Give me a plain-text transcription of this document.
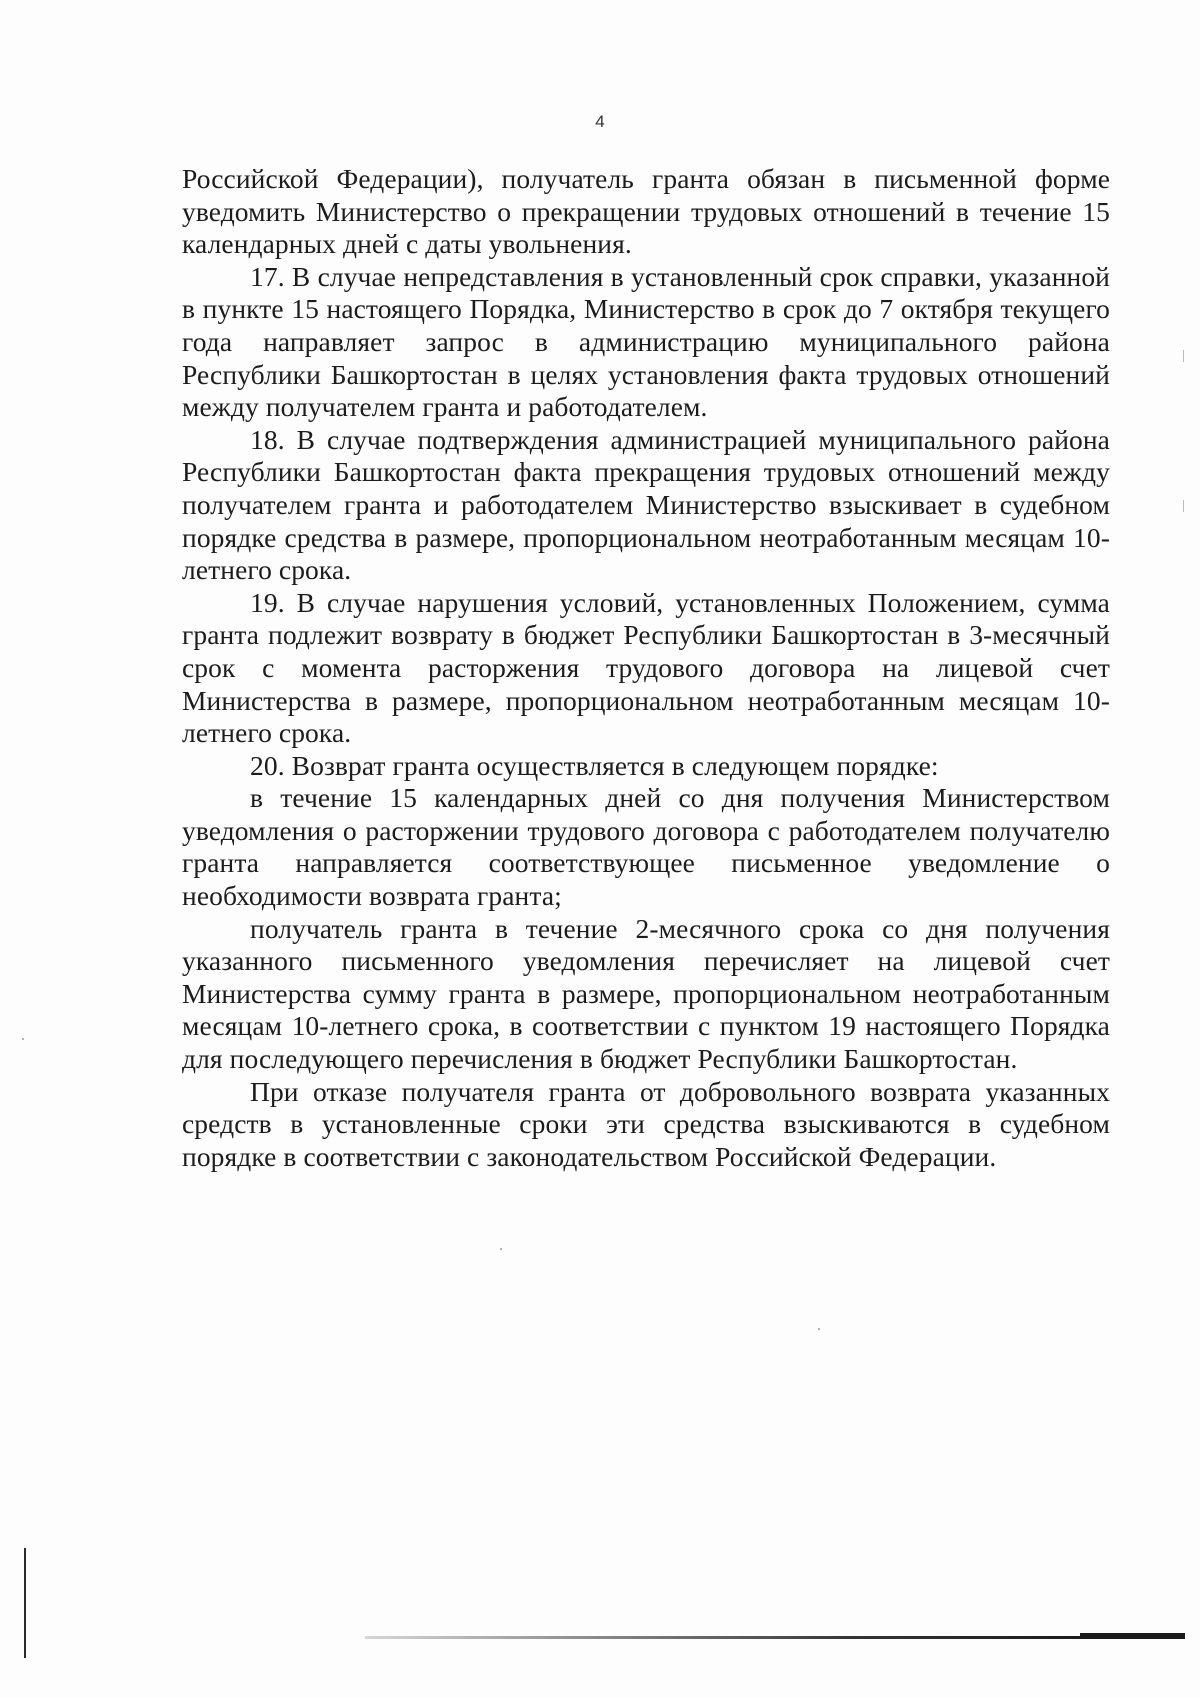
4

Российской Федерации), получатель гранта обязан в письменной форме уведомить Министерство о прекращении трудовых отношений в течение 15 календарных дней с даты увольнения.

17. В случае непредставления в установленный срок справки, указанной в пункте 15 настоящего Порядка, Министерство в срок до 7 октября текущего года направляет запрос в администрацию муниципального района Республики Башкортостан в целях установления факта трудовых отношений между получателем гранта и работодателем.

18. В случае подтверждения администрацией муниципального района Республики Башкортостан факта прекращения трудовых отношений между получателем гранта и работодателем Министерство взыскивает в судебном порядке средства в размере, пропорциональном неотработанным месяцам 10-летнего срока.

19. В случае нарушения условий, установленных Положением, сумма гранта подлежит возврату в бюджет Республики Башкортостан в 3-месячный срок с момента расторжения трудового договора на лицевой счет Министерства в размере, пропорциональном неотработанным месяцам 10-летнего срока.

20. Возврат гранта осуществляется в следующем порядке:

в течение 15 календарных дней со дня получения Министерством уведомления о расторжении трудового договора с работодателем получателю гранта направляется соответствующее письменное уведомление о необходимости возврата гранта;

получатель гранта в течение 2-месячного срока со дня получения указанного письменного уведомления перечисляет на лицевой счет Министерства сумму гранта в размере, пропорциональном неотработанным месяцам 10-летнего срока, в соответствии с пунктом 19 настоящего Порядка для последующего перечисления в бюджет Республики Башкортостан.

При отказе получателя гранта от добровольного возврата указанных средств в установленные сроки эти средства взыскиваются в судебном порядке в соответствии с законодательством Российской Федерации.
